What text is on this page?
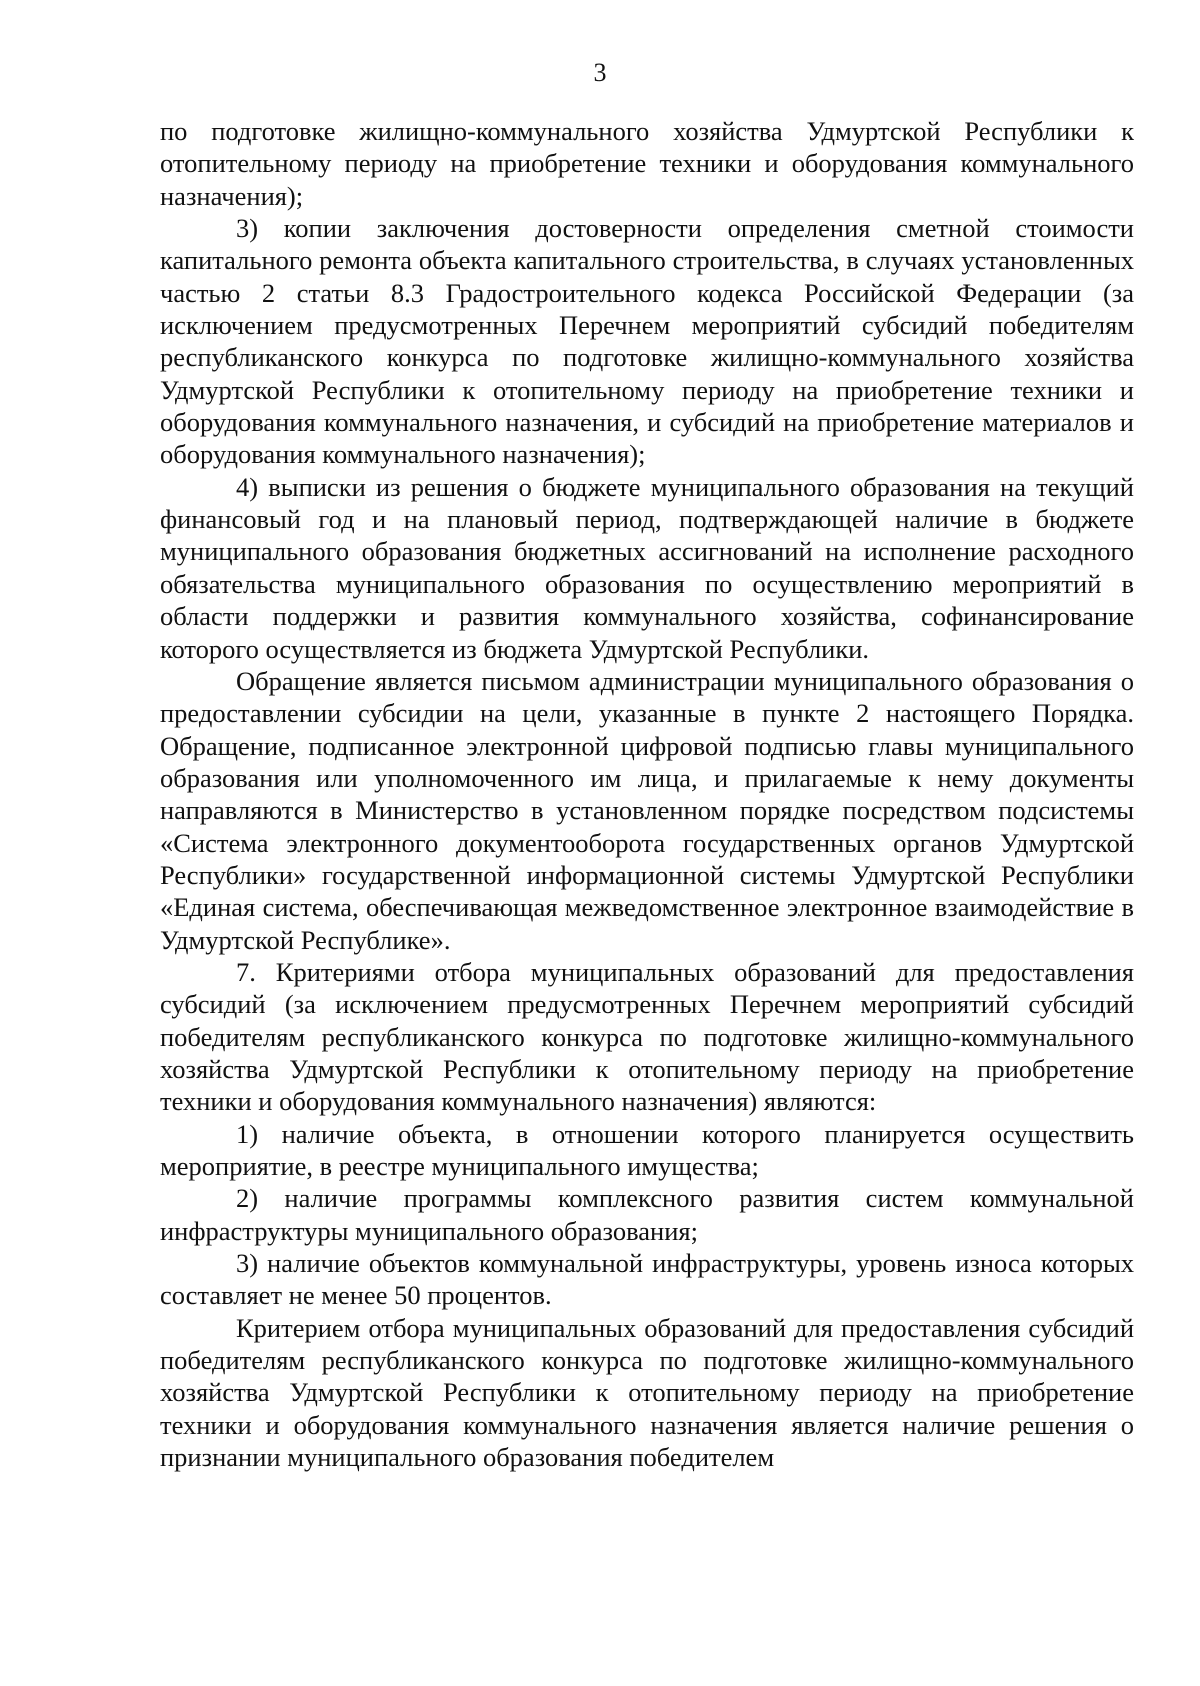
3

по подготовке жилищно-коммунального хозяйства Удмуртской Республики к отопительному периоду на приобретение техники и оборудования коммунального назначения);

3) копии заключения достоверности определения сметной стоимости капитального ремонта объекта капитального строительства, в случаях установленных частью 2 статьи 8.3 Градостроительного кодекса Российской Федерации (за исключением предусмотренных Перечнем мероприятий субсидий победителям республиканского конкурса по подготовке жилищно-коммунального хозяйства Удмуртской Республики к отопительному периоду на приобретение техники и оборудования коммунального назначения, и субсидий на приобретение материалов и оборудования коммунального назначения);

4) выписки из решения о бюджете муниципального образования на текущий финансовый год и на плановый период, подтверждающей наличие в бюджете муниципального образования бюджетных ассигнований на исполнение расходного обязательства муниципального образования по осуществлению мероприятий в области поддержки и развития коммунального хозяйства, софинансирование которого осуществляется из бюджета Удмуртской Республики.

Обращение является письмом администрации муниципального образования о предоставлении субсидии на цели, указанные в пункте 2 настоящего Порядка. Обращение, подписанное электронной цифровой подписью главы муниципального образования или уполномоченного им лица, и прилагаемые к нему документы направляются в Министерство в установленном порядке посредством подсистемы «Система электронного документооборота государственных органов Удмуртской Республики» государственной информационной системы Удмуртской Республики «Единая система, обеспечивающая межведомственное электронное взаимодействие в Удмуртской Республике».

7. Критериями отбора муниципальных образований для предоставления субсидий (за исключением предусмотренных Перечнем мероприятий субсидий победителям республиканского конкурса по подготовке жилищно-коммунального хозяйства Удмуртской Республики к отопительному периоду на приобретение техники и оборудования коммунального назначения) являются:

1) наличие объекта, в отношении которого планируется осуществить мероприятие, в реестре муниципального имущества;

2) наличие программы комплексного развития систем коммунальной инфраструктуры муниципального образования;

3) наличие объектов коммунальной инфраструктуры, уровень износа которых составляет не менее 50 процентов.

Критерием отбора муниципальных образований для предоставления субсидий победителям республиканского конкурса по подготовке жилищно-коммунального хозяйства Удмуртской Республики к отопительному периоду на приобретение техники и оборудования коммунального назначения является наличие решения о признании муниципального образования победителем
